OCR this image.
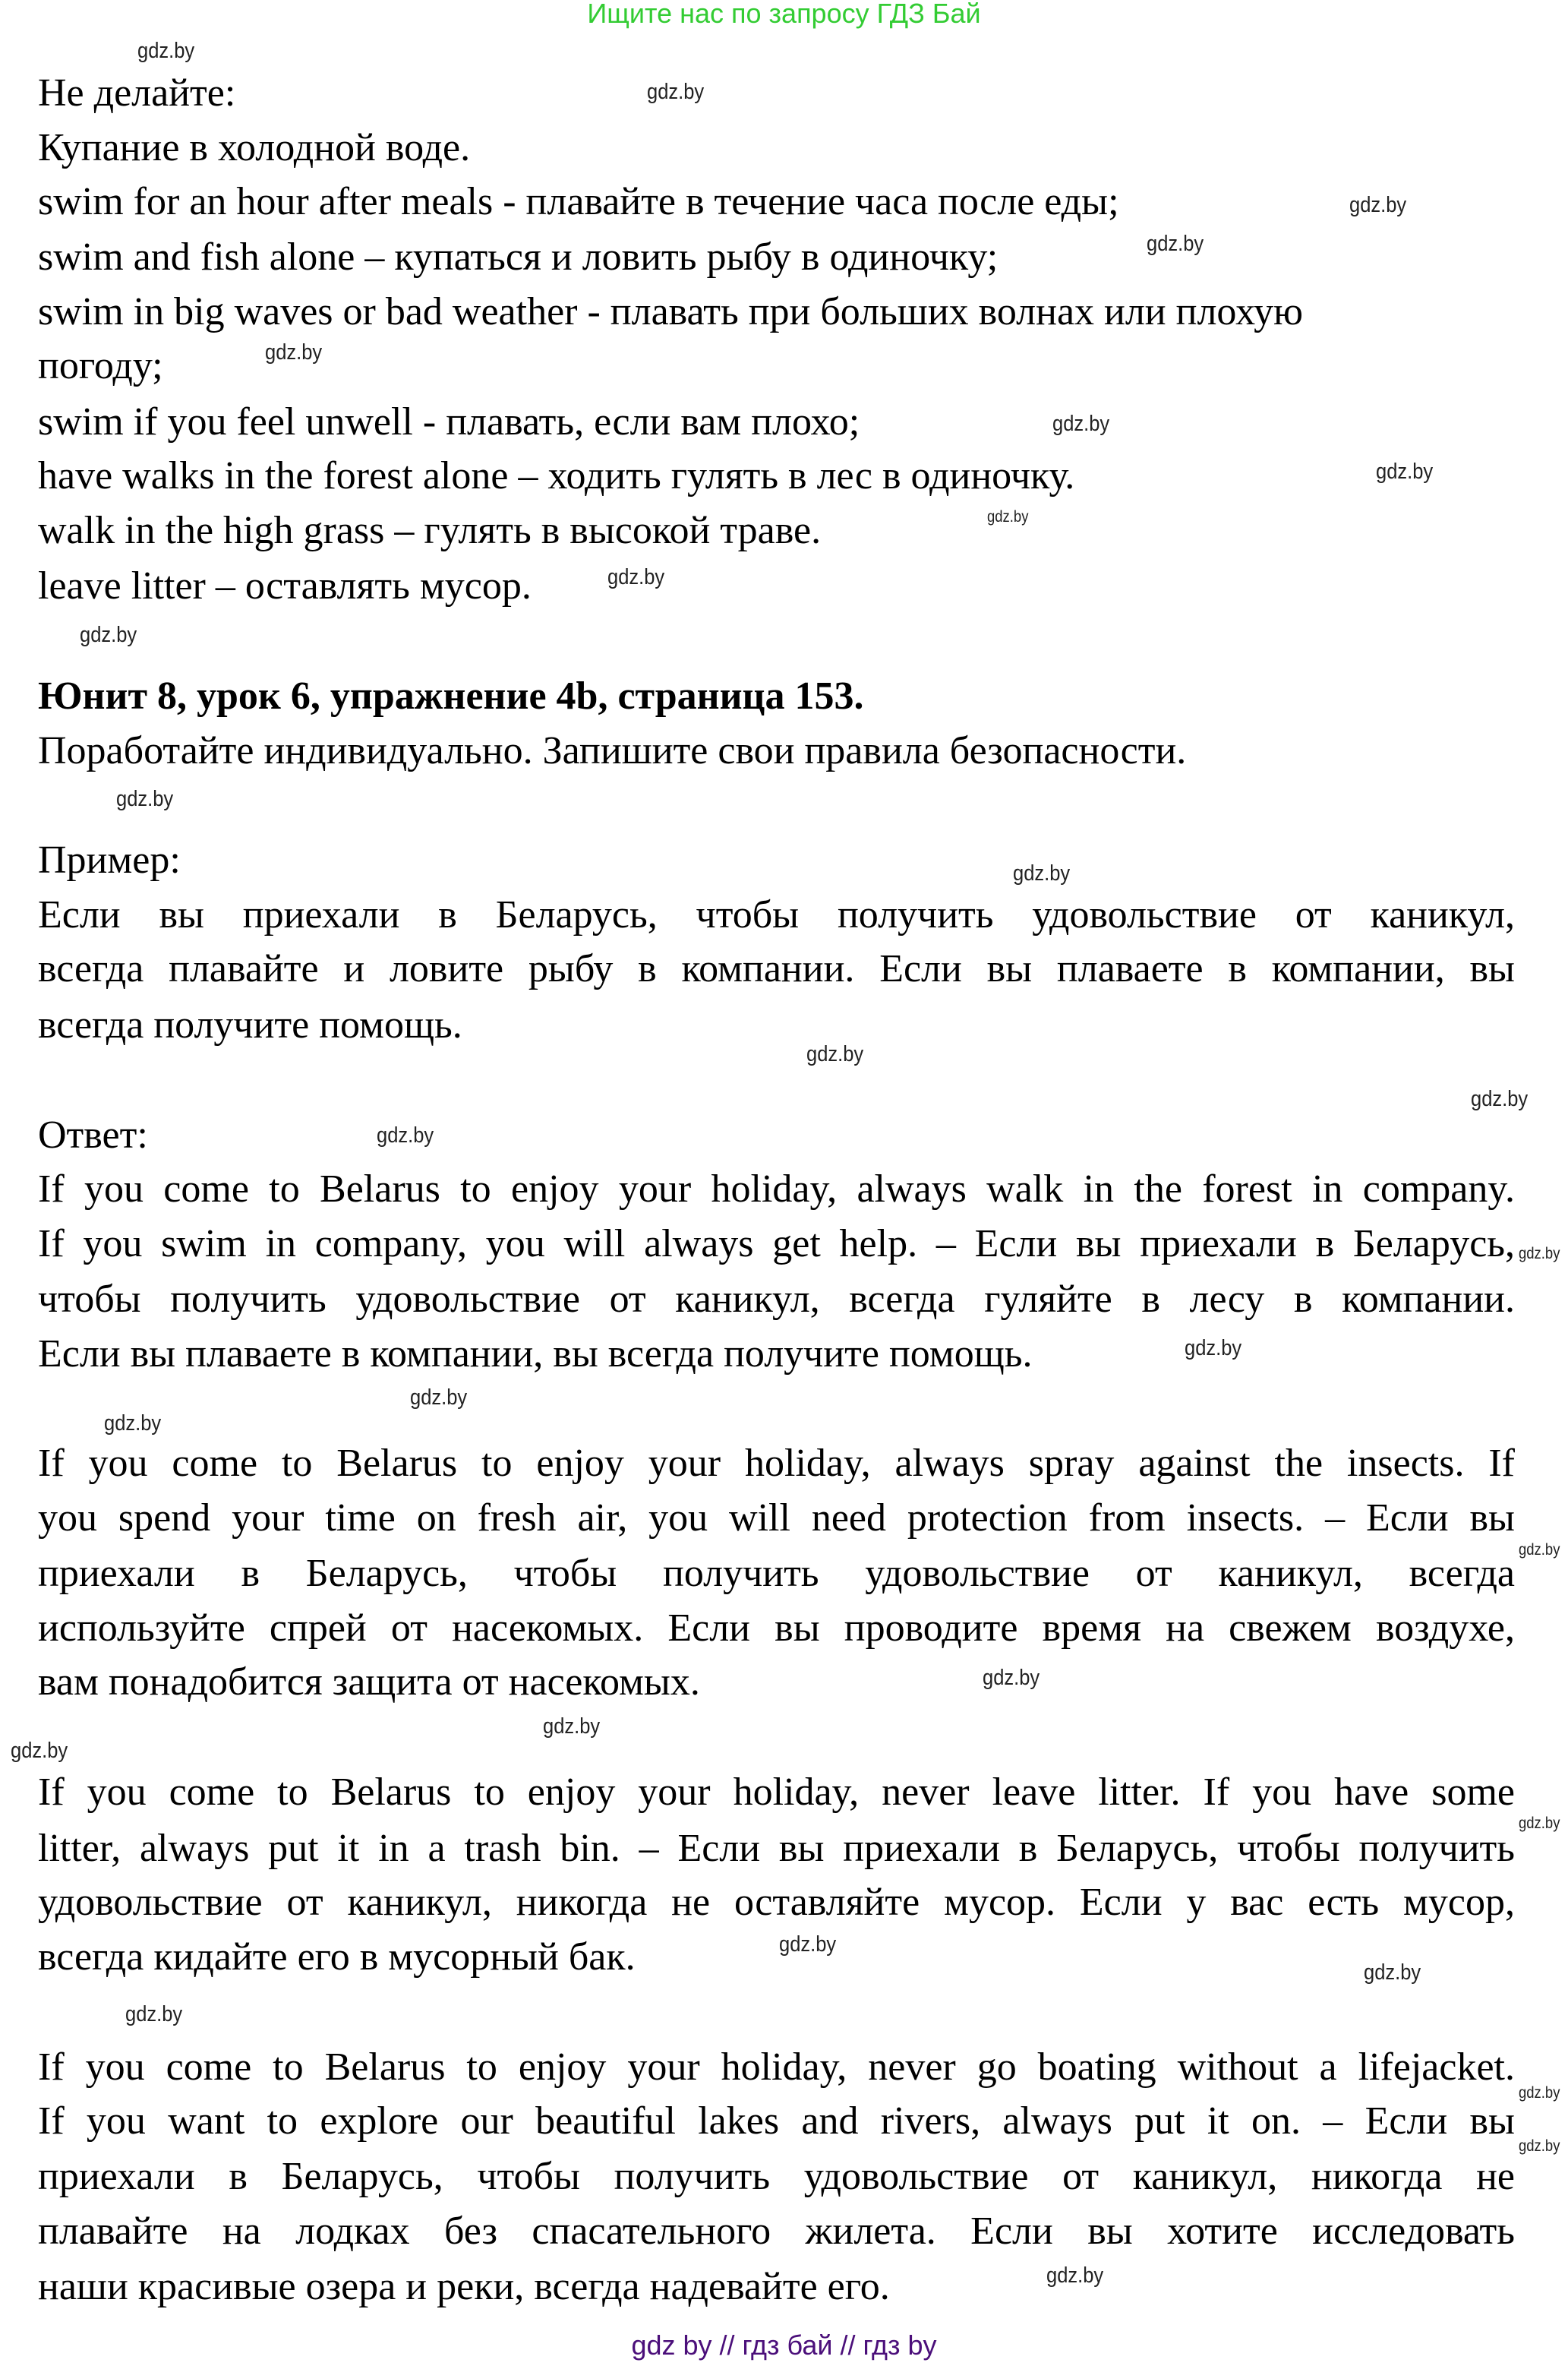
Ищите нас по запросу ГДЗ Бай
Не делайте:
Купание в холодной воде.
swim for an hour after meals - плавайте в течение часа после еды;
swim and fish alone – купаться и ловить рыбу в одиночку;
swim in big waves or bad weather - плавать при больших волнах или плохую
погоду;
swim if you feel unwell - плавать, если вам плохо;
have walks in the forest alone – ходить гулять в лес в одиночку.
walk in the high grass – гулять в высокой траве.
leave litter – оставлять мусор.
Юнит 8, урок 6, упражнение 4b, страница 153.
Поработайте индивидуально. Запишите свои правила безопасности.
Пример:
Если вы приехали в Беларусь, чтобы получить удовольствие от каникул,
всегда плавайте и ловите рыбу в компании. Если вы плаваете в компании, вы
всегда получите помощь.
Ответ:
If you come to Belarus to enjoy your holiday, always walk in the forest in company.
If you swim in company, you will always get help. – Если вы приехали в Беларусь,
чтобы получить удовольствие от каникул, всегда гуляйте в лесу в компании.
Если вы плаваете в компании, вы всегда получите помощь.
If you come to Belarus to enjoy your holiday, always spray against the insects. If
you spend your time on fresh air, you will need protection from insects. – Если вы
приехали в Беларусь, чтобы получить удовольствие от каникул, всегда
используйте спрей от насекомых. Если вы проводите время на свежем воздухе,
вам понадобится защита от насекомых.
If you come to Belarus to enjoy your holiday, never leave litter. If you have some
litter, always put it in a trash bin. – Если вы приехали в Беларусь, чтобы получить
удовольствие от каникул, никогда не оставляйте мусор. Если у вас есть мусор,
всегда кидайте его в мусорный бак.
If you come to Belarus to enjoy your holiday, never go boating without a lifejacket.
If you want to explore our beautiful lakes and rivers, always put it on. – Если вы
приехали в Беларусь, чтобы получить удовольствие от каникул, никогда не
плавайте на лодках без спасательного жилета. Если вы хотите исследовать
наши красивые озера и реки, всегда надевайте его.
gdz.by
gdz.by
gdz.by
gdz.by
gdz.by
gdz.by
gdz.by
gdz.by
gdz.by
gdz.by
gdz.by
gdz.by
gdz.by
gdz.by
gdz.by
gdz.by
gdz.by
gdz.by
gdz.by
gdz.by
gdz.by
gdz.by
gdz.by
gdz.by
gdz.by
gdz.by
gdz.by
gdz.by
gdz.by
gdz.by
gdz by // гдз бай // гдз by
